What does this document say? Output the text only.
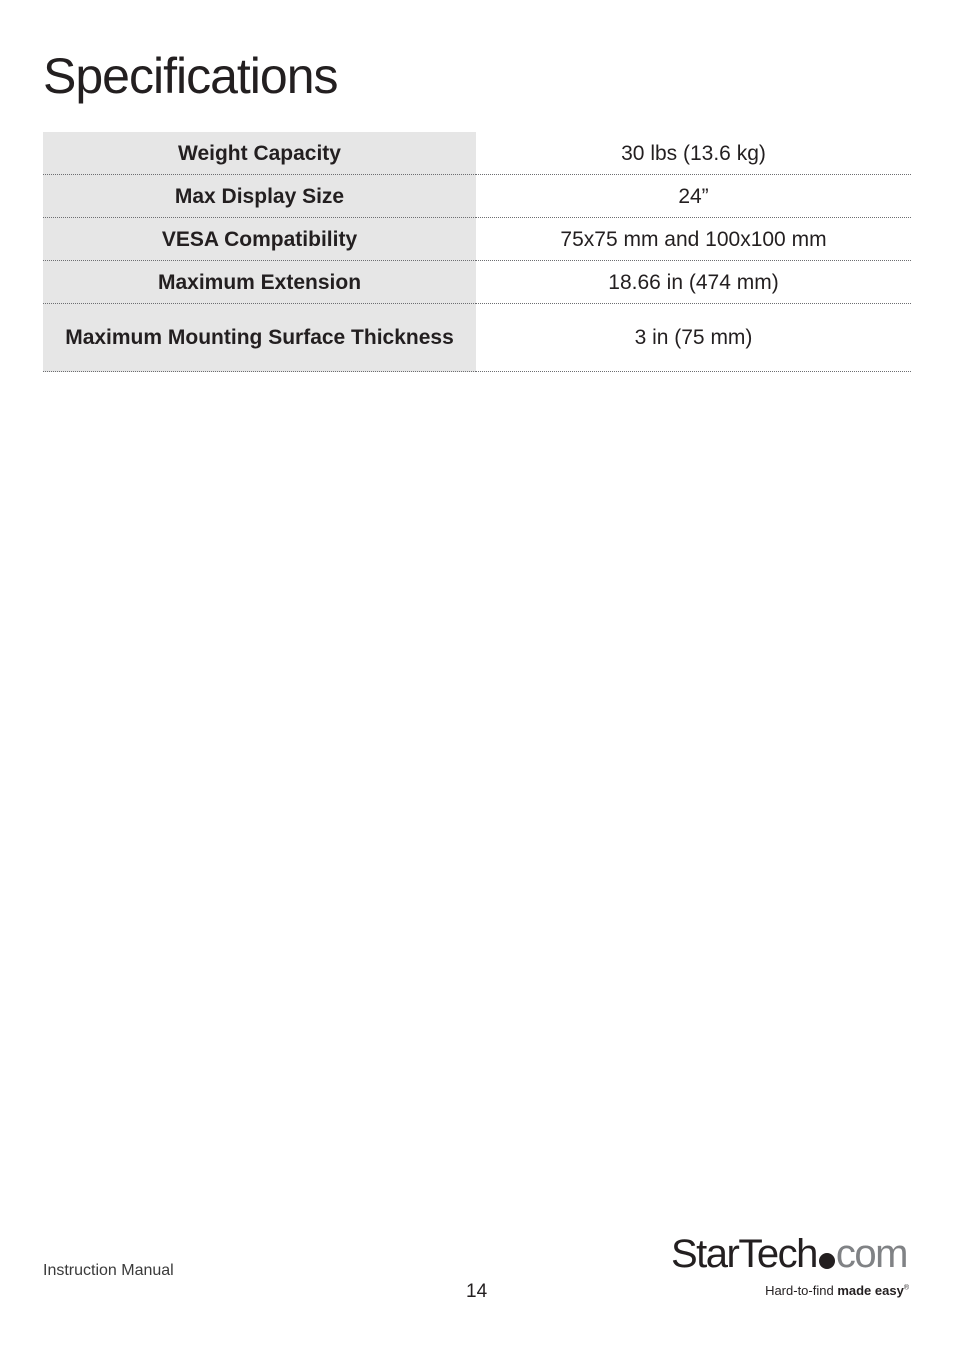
Specifications
Weight Capacity	30 lbs (13.6 kg)
Max Display Size	24”
VESA Compatibility	75x75 mm and 100x100 mm
Maximum Extension	18.66 in (474 mm)
Maximum Mounting Surface Thickness	3 in (75 mm)
Instruction Manual
14
StarTech com
Hard-to-find made easy®
